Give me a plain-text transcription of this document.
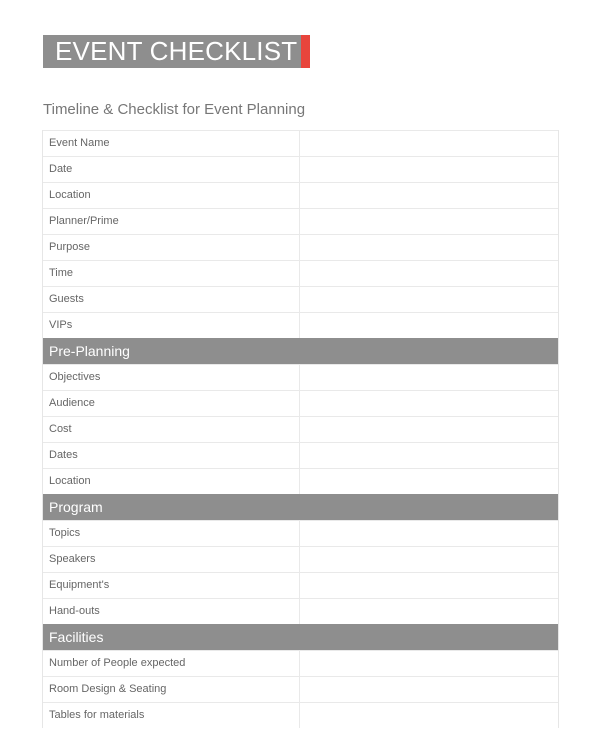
EVENT CHECKLIST
Timeline & Checklist for Event Planning
Event Name
Date
Location
Planner/Prime
Purpose
Time
Guests
VIPs
Pre-Planning
Objectives
Audience
Cost
Dates
Location
Program
Topics
Speakers
Equipment's
Hand-outs
Facilities
Number of People expected
Room Design & Seating
Tables for materials
